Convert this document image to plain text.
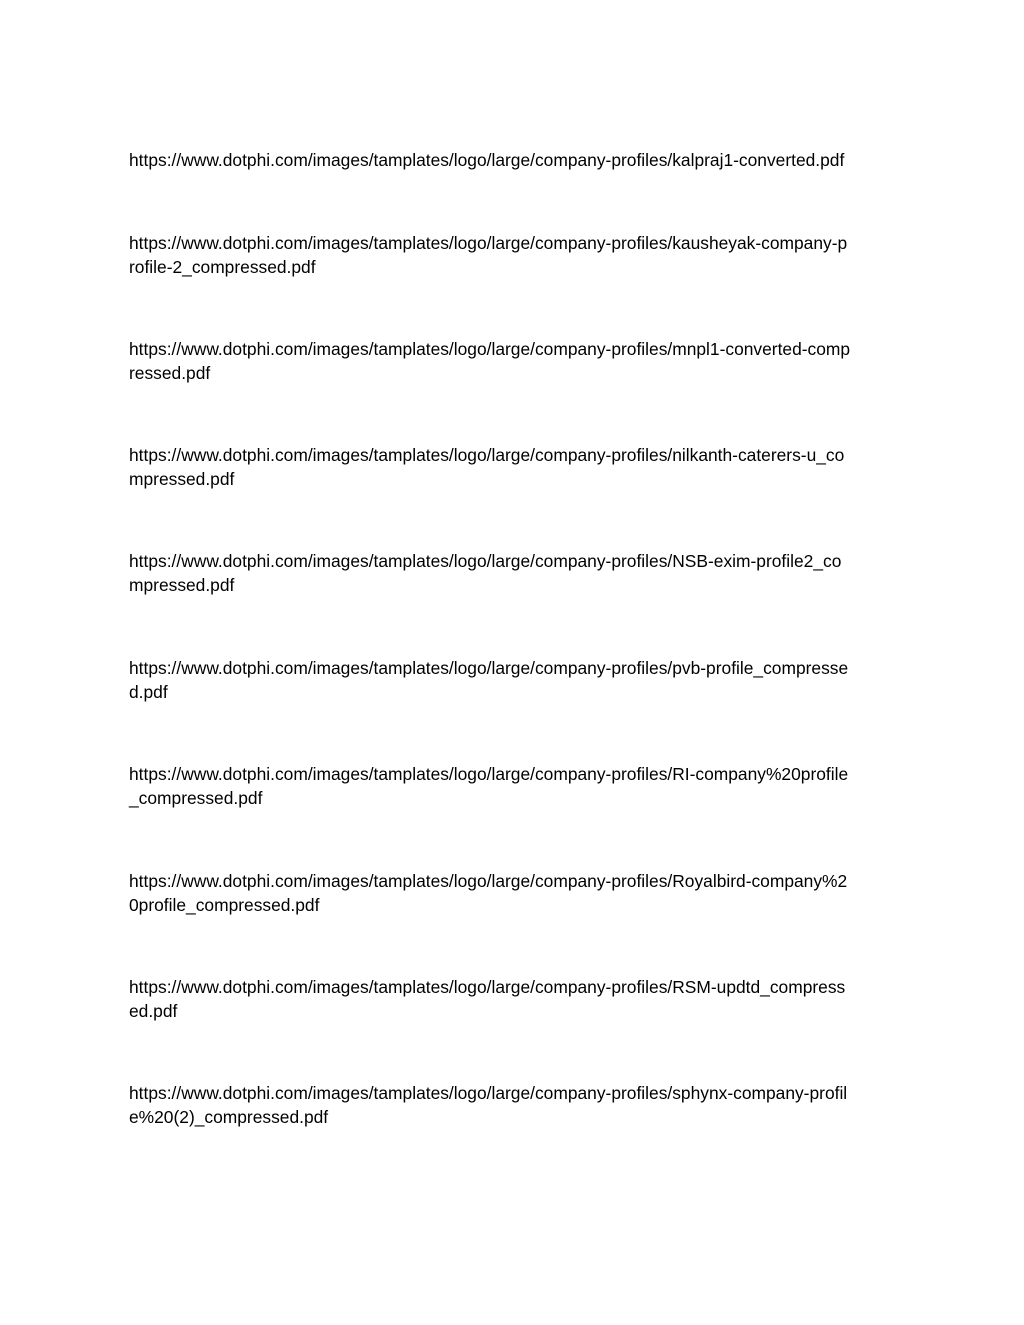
https://www.dotphi.com/images/tamplates/logo/large/company-profiles/kalpraj1-converted.pdf

https://www.dotphi.com/images/tamplates/logo/large/company-profiles/kausheyak-company-p
rofile-2_compressed.pdf

https://www.dotphi.com/images/tamplates/logo/large/company-profiles/mnpl1-converted-comp
ressed.pdf

https://www.dotphi.com/images/tamplates/logo/large/company-profiles/nilkanth-caterers-u_co
mpressed.pdf

https://www.dotphi.com/images/tamplates/logo/large/company-profiles/NSB-exim-profile2_co
mpressed.pdf

https://www.dotphi.com/images/tamplates/logo/large/company-profiles/pvb-profile_compresse
d.pdf

https://www.dotphi.com/images/tamplates/logo/large/company-profiles/RI-company%20profile
_compressed.pdf

https://www.dotphi.com/images/tamplates/logo/large/company-profiles/Royalbird-company%2
0profile_compressed.pdf

https://www.dotphi.com/images/tamplates/logo/large/company-profiles/RSM-updtd_compress
ed.pdf

https://www.dotphi.com/images/tamplates/logo/large/company-profiles/sphynx-company-profil
e%20(2)_compressed.pdf
